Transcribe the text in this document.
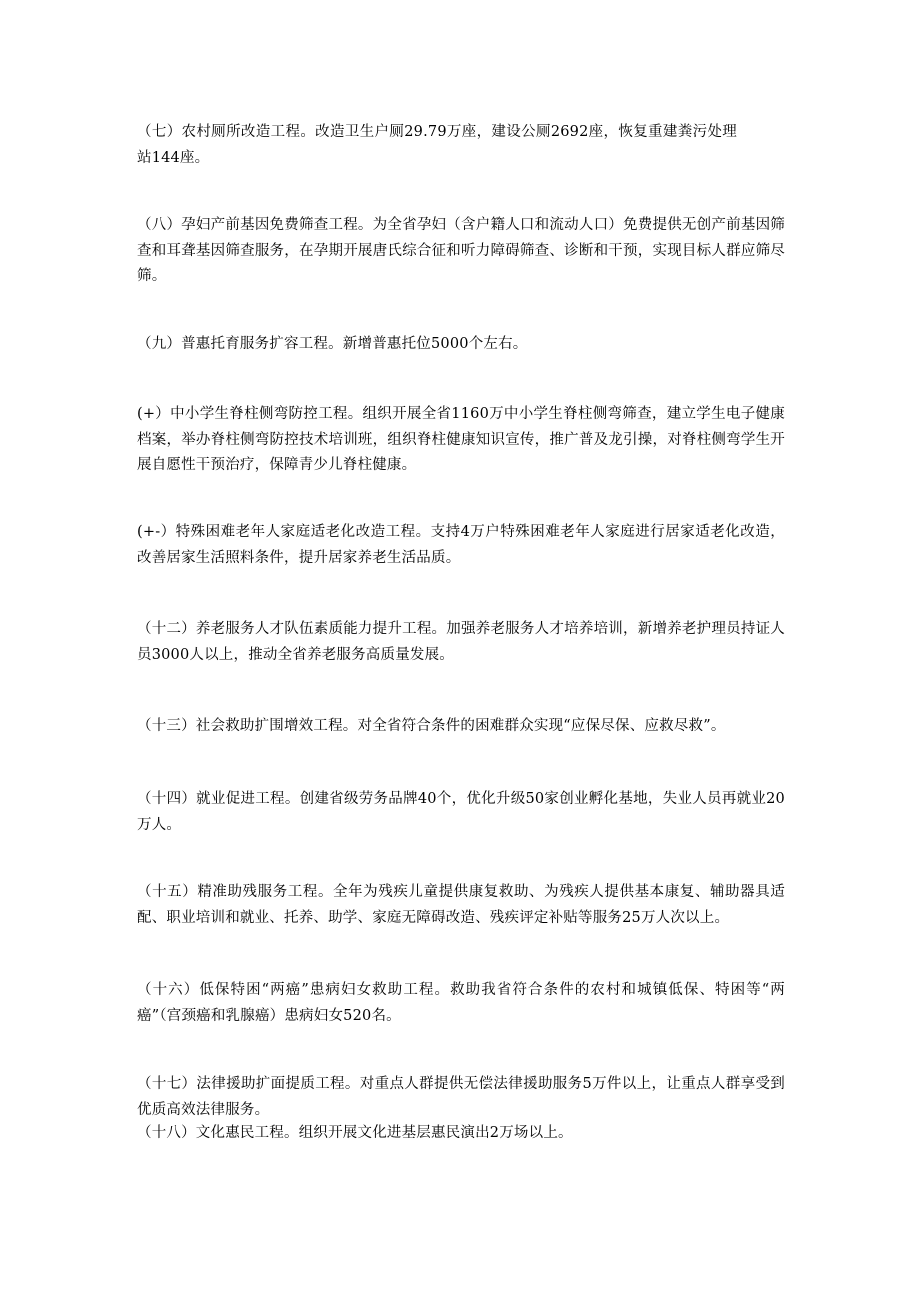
（七）农村厕所改造工程。改造卫生户厕29.79万座，建设公厕2692座，恢复重建粪污处理站144座。

（八）孕妇产前基因免费筛查工程。为全省孕妇（含户籍人口和流动人口）免费提供无创产前基因筛查和耳聋基因筛查服务，在孕期开展唐氏综合征和听力障碍筛查、诊断和干预，实现目标人群应筛尽筛。

（九）普惠托育服务扩容工程。新增普惠托位5000个左右。

(+）中小学生脊柱侧弯防控工程。组织开展全省1160万中小学生脊柱侧弯筛查，建立学生电子健康档案，举办脊柱侧弯防控技术培训班，组织脊柱健康知识宣传，推广普及龙引操，对脊柱侧弯学生开展自愿性干预治疗，保障青少儿脊柱健康。

(+-）特殊困难老年人家庭适老化改造工程。支持4万户特殊困难老年人家庭进行居家适老化改造，改善居家生活照料条件，提升居家养老生活品质。

（十二）养老服务人才队伍素质能力提升工程。加强养老服务人才培养培训，新增养老护理员持证人员3000人以上，推动全省养老服务高质量发展。

（十三）社会救助扩围增效工程。对全省符合条件的困难群众实现“应保尽保、应救尽救”。

（十四）就业促进工程。创建省级劳务品牌40个，优化升级50家创业孵化基地，失业人员再就业20万人。

（十五）精准助残服务工程。全年为残疾儿童提供康复救助、为残疾人提供基本康复、辅助器具适配、职业培训和就业、托养、助学、家庭无障碍改造、残疾评定补贴等服务25万人次以上。

（十六）低保特困“两癌”患病妇女救助工程。救助我省符合条件的农村和城镇低保、特困等“两癌”（宫颈癌和乳腺癌）患病妇女520名。

（十七）法律援助扩面提质工程。对重点人群提供无偿法律援助服务5万件以上，让重点人群享受到优质高效法律服务。

（十八）文化惠民工程。组织开展文化进基层惠民演出2万场以上。
